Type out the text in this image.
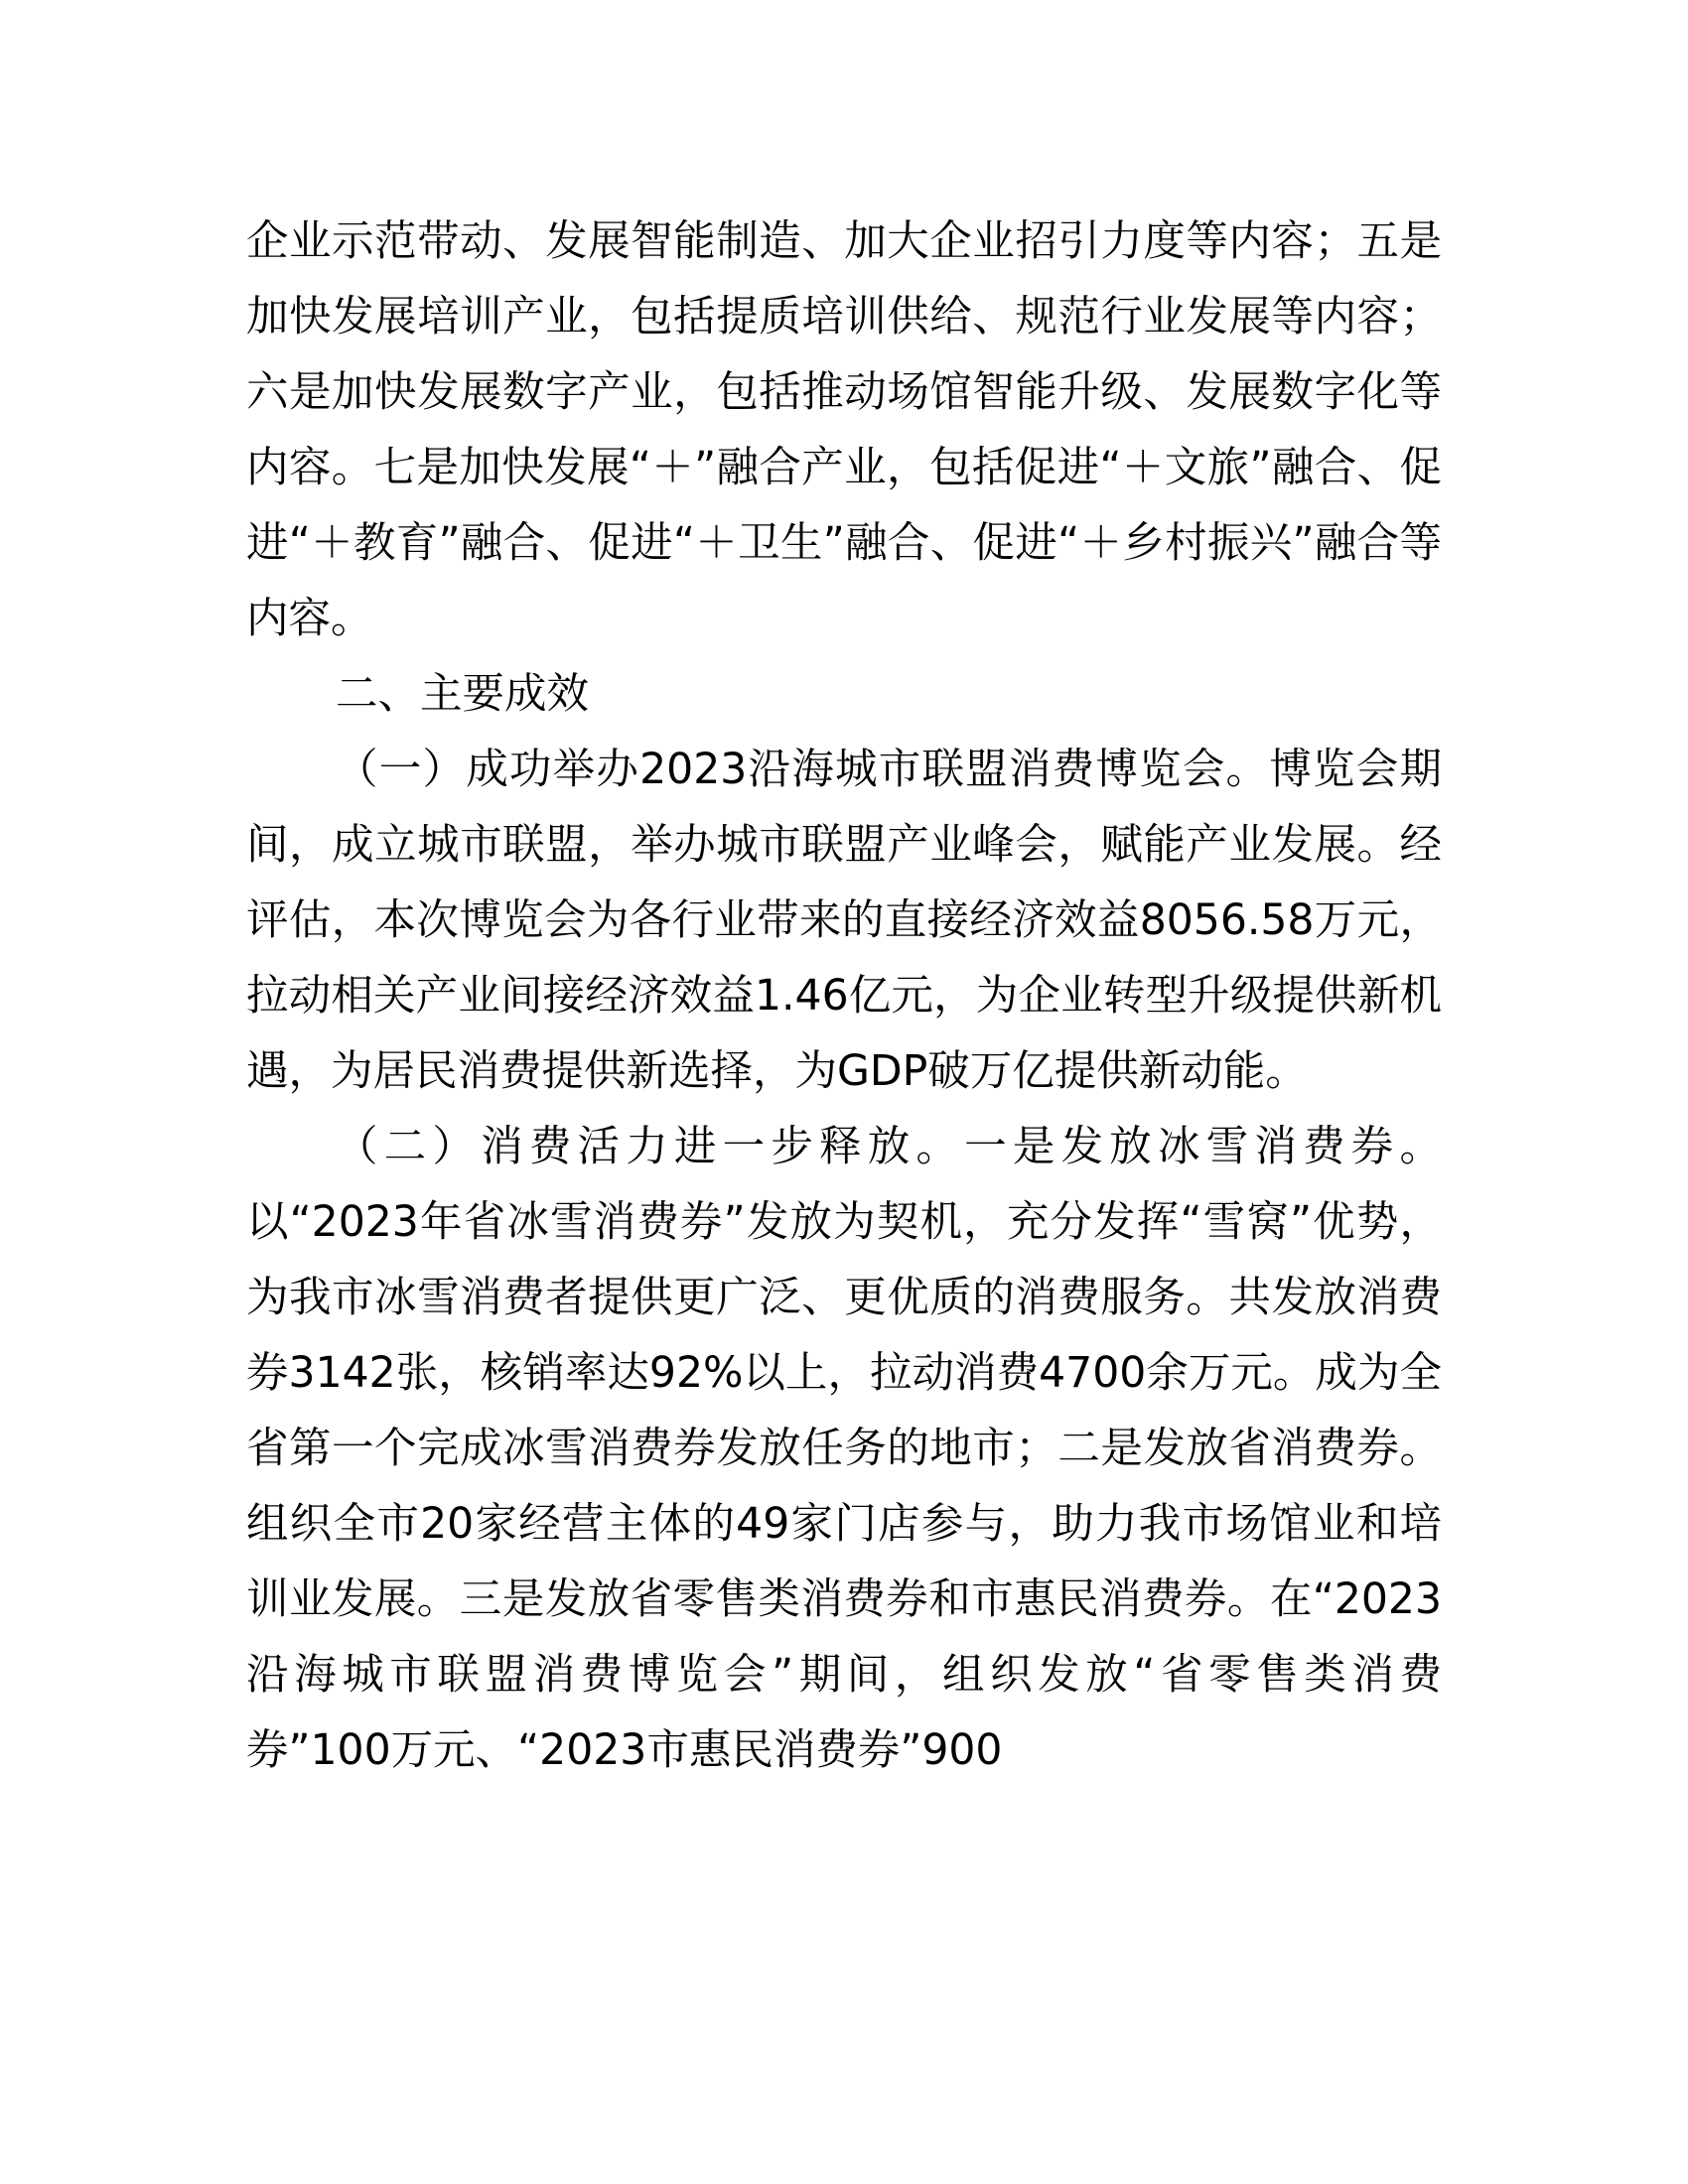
企业示范带动、发展智能制造、加大企业招引力度等内容；五是加快发展培训产业，包括提质培训供给、规范行业发展等内容；六是加快发展数字产业，包括推动场馆智能升级、发展数字化等内容。七是加快发展“＋”融合产业，包括促进“＋文旅”融合、促进“＋教育”融合、促进“＋卫生”融合、促进“＋乡村振兴”融合等内容。

二、主要成效

（一）成功举办2023沿海城市联盟消费博览会。博览会期间，成立城市联盟，举办城市联盟产业峰会，赋能产业发展。经评估，本次博览会为各行业带来的直接经济效益8056.58万元，拉动相关产业间接经济效益1.46亿元，为企业转型升级提供新机遇，为居民消费提供新选择，为GDP破万亿提供新动能。

（二）消费活力进一步释放。一是发放冰雪消费券。以“2023年省冰雪消费券”发放为契机，充分发挥“雪窝”优势，为我市冰雪消费者提供更广泛、更优质的消费服务。共发放消费券3142张，核销率达92%以上，拉动消费4700余万元。成为全省第一个完成冰雪消费券发放任务的地市；二是发放省消费券。组织全市20家经营主体的49家门店参与，助力我市场馆业和培训业发展。三是发放省零售类消费券和市惠民消费券。在“2023沿海城市联盟消费博览会”期间，组织发放“省零售类消费券”100万元、“2023市惠民消费券”900
